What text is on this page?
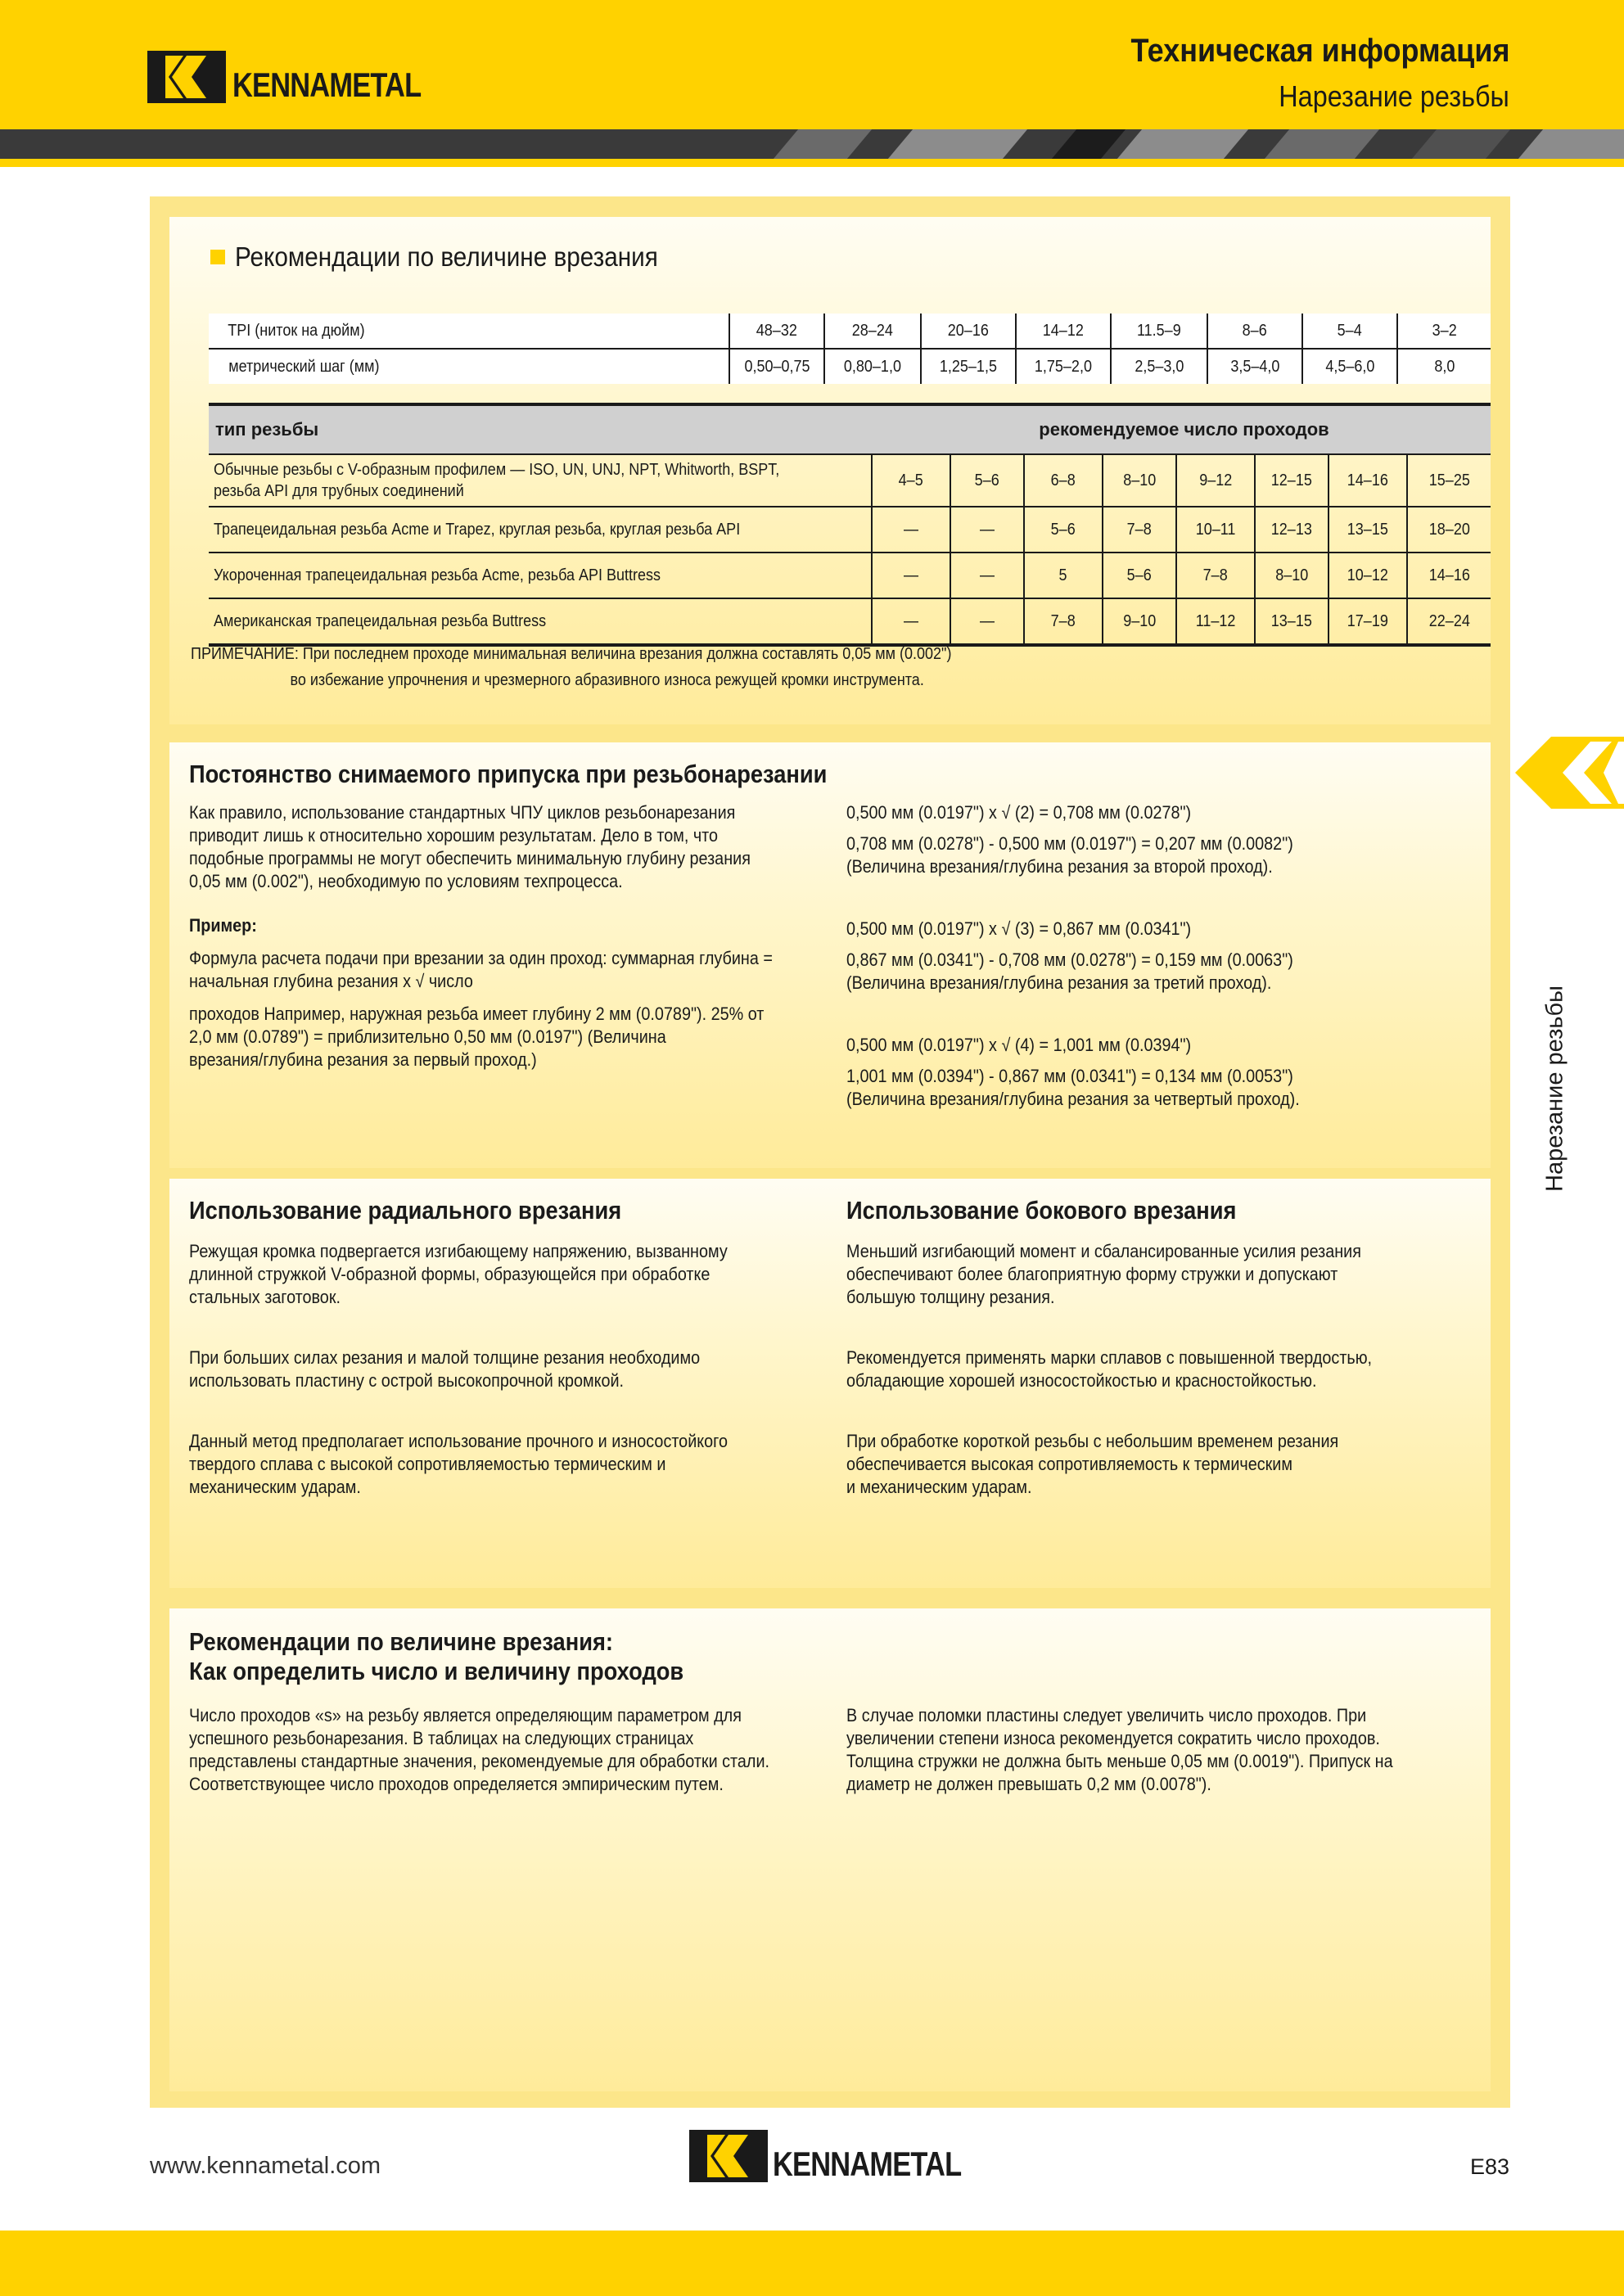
KENNAMETAL
Техническая информация
Нарезание резьбы
Рекомендации по величине врезания
TPI (ниток на дюйм)	48–32	28–24	20–16	14–12	11.5–9	8–6	5–4	3–2
метрический шаг (мм)	0,50–0,75	0,80–1,0	1,25–1,5	1,75–2,0	2,5–3,0	3,5–4,0	4,5–6,0	8,0
тип резьбы	рекомендуемое число проходов							
Обычные резьбы с V-образным профилем — ISO, UN, UNJ, NPT, Whitworth, BSPT,
резьба API для трубных соединений	4–5	5–6	6–8	8–10	9–12	12–15	14–16	15–25
Трапецеидальная резьба Acme и Trapez, круглая резьба, круглая резьба API	—	—	5–6	7–8	10–11	12–13	13–15	18–20
Укороченная трапецеидальная резьба Acme, резьба API Buttress	—	—	5	5–6	7–8	8–10	10–12	14–16
Американская трапецеидальная резьба Buttress	—	—	7–8	9–10	11–12	13–15	17–19	22–24
ПРИМЕЧАНИЕ: При последнем проходе минимальная величина врезания должна составлять 0,05 мм (0.002")
во избежание упрочнения и чрезмерного абразивного износа режущей кромки инструмента.
Постоянство снимаемого припуска при резьбонарезании
Как правило, использование стандартных ЧПУ циклов резьбонарезания
приводит лишь к относительно хорошим результатам. Дело в том, что
подобные программы не могут обеспечить минимальную глубину резания
0,05 мм (0.002"), необходимую по условиям техпроцесса.
Пример:
Формула расчета подачи при врезании за один проход: суммарная глубина =
начальная глубина резания x √ число
проходов Например, наружная резьба имеет глубину 2 мм (0.0789"). 25% от
2,0 мм (0.0789") = приблизительно 0,50 мм (0.0197") (Величина
врезания/глубина резания за первый проход.)
0,500 мм (0.0197") x √ (2) = 0,708 мм (0.0278")
0,708 мм (0.0278") - 0,500 мм (0.0197") = 0,207 мм (0.0082")
(Величина врезания/глубина резания за второй проход).
0,500 мм (0.0197") x √ (3) = 0,867 мм (0.0341")
0,867 мм (0.0341") - 0,708 мм (0.0278") = 0,159 мм (0.0063")
(Величина врезания/глубина резания за третий проход).
0,500 мм (0.0197") x √ (4) = 1,001 мм (0.0394")
1,001 мм (0.0394") - 0,867 мм (0.0341") = 0,134 мм (0.0053")
(Величина врезания/глубина резания за четвертый проход).
Использование радиального врезания
Режущая кромка подвергается изгибающему напряжению, вызванному
длинной стружкой V-образной формы, образующейся при обработке
стальных заготовок.
При больших силах резания и малой толщине резания необходимо
использовать пластину с острой высокопрочной кромкой.
Данный метод предполагает использование прочного и износостойкого
твердого сплава с высокой сопротивляемостью термическим и
механическим ударам.
Использование бокового врезания
Меньший изгибающий момент и сбалансированные усилия резания
обеспечивают более благоприятную форму стружки и допускают
большую толщину резания.
Рекомендуется применять марки сплавов с повышенной твердостью,
обладающие хорошей износостойкостью и красностойкостью.
При обработке короткой резьбы с небольшим временем резания
обеспечивается высокая сопротивляемость к термическим
и механическим ударам.
Рекомендации по величине врезания:
Как определить число и величину проходов
Число проходов «s» на резьбу является определяющим параметром для
успешного резьбонарезания. В таблицах на следующих страницах
представлены стандартные значения, рекомендуемые для обработки стали.
Соответствующее число проходов определяется эмпирическим путем.
В случае поломки пластины следует увеличить число проходов. При
увеличении степени износа рекомендуется сократить число проходов.
Толщина стружки не должна быть меньше 0,05 мм (0.0019"). Припуск на
диаметр не должен превышать 0,2 мм (0.0078").
Нарезание резьбы
www.kennametal.com	KENNAMETAL	E83
